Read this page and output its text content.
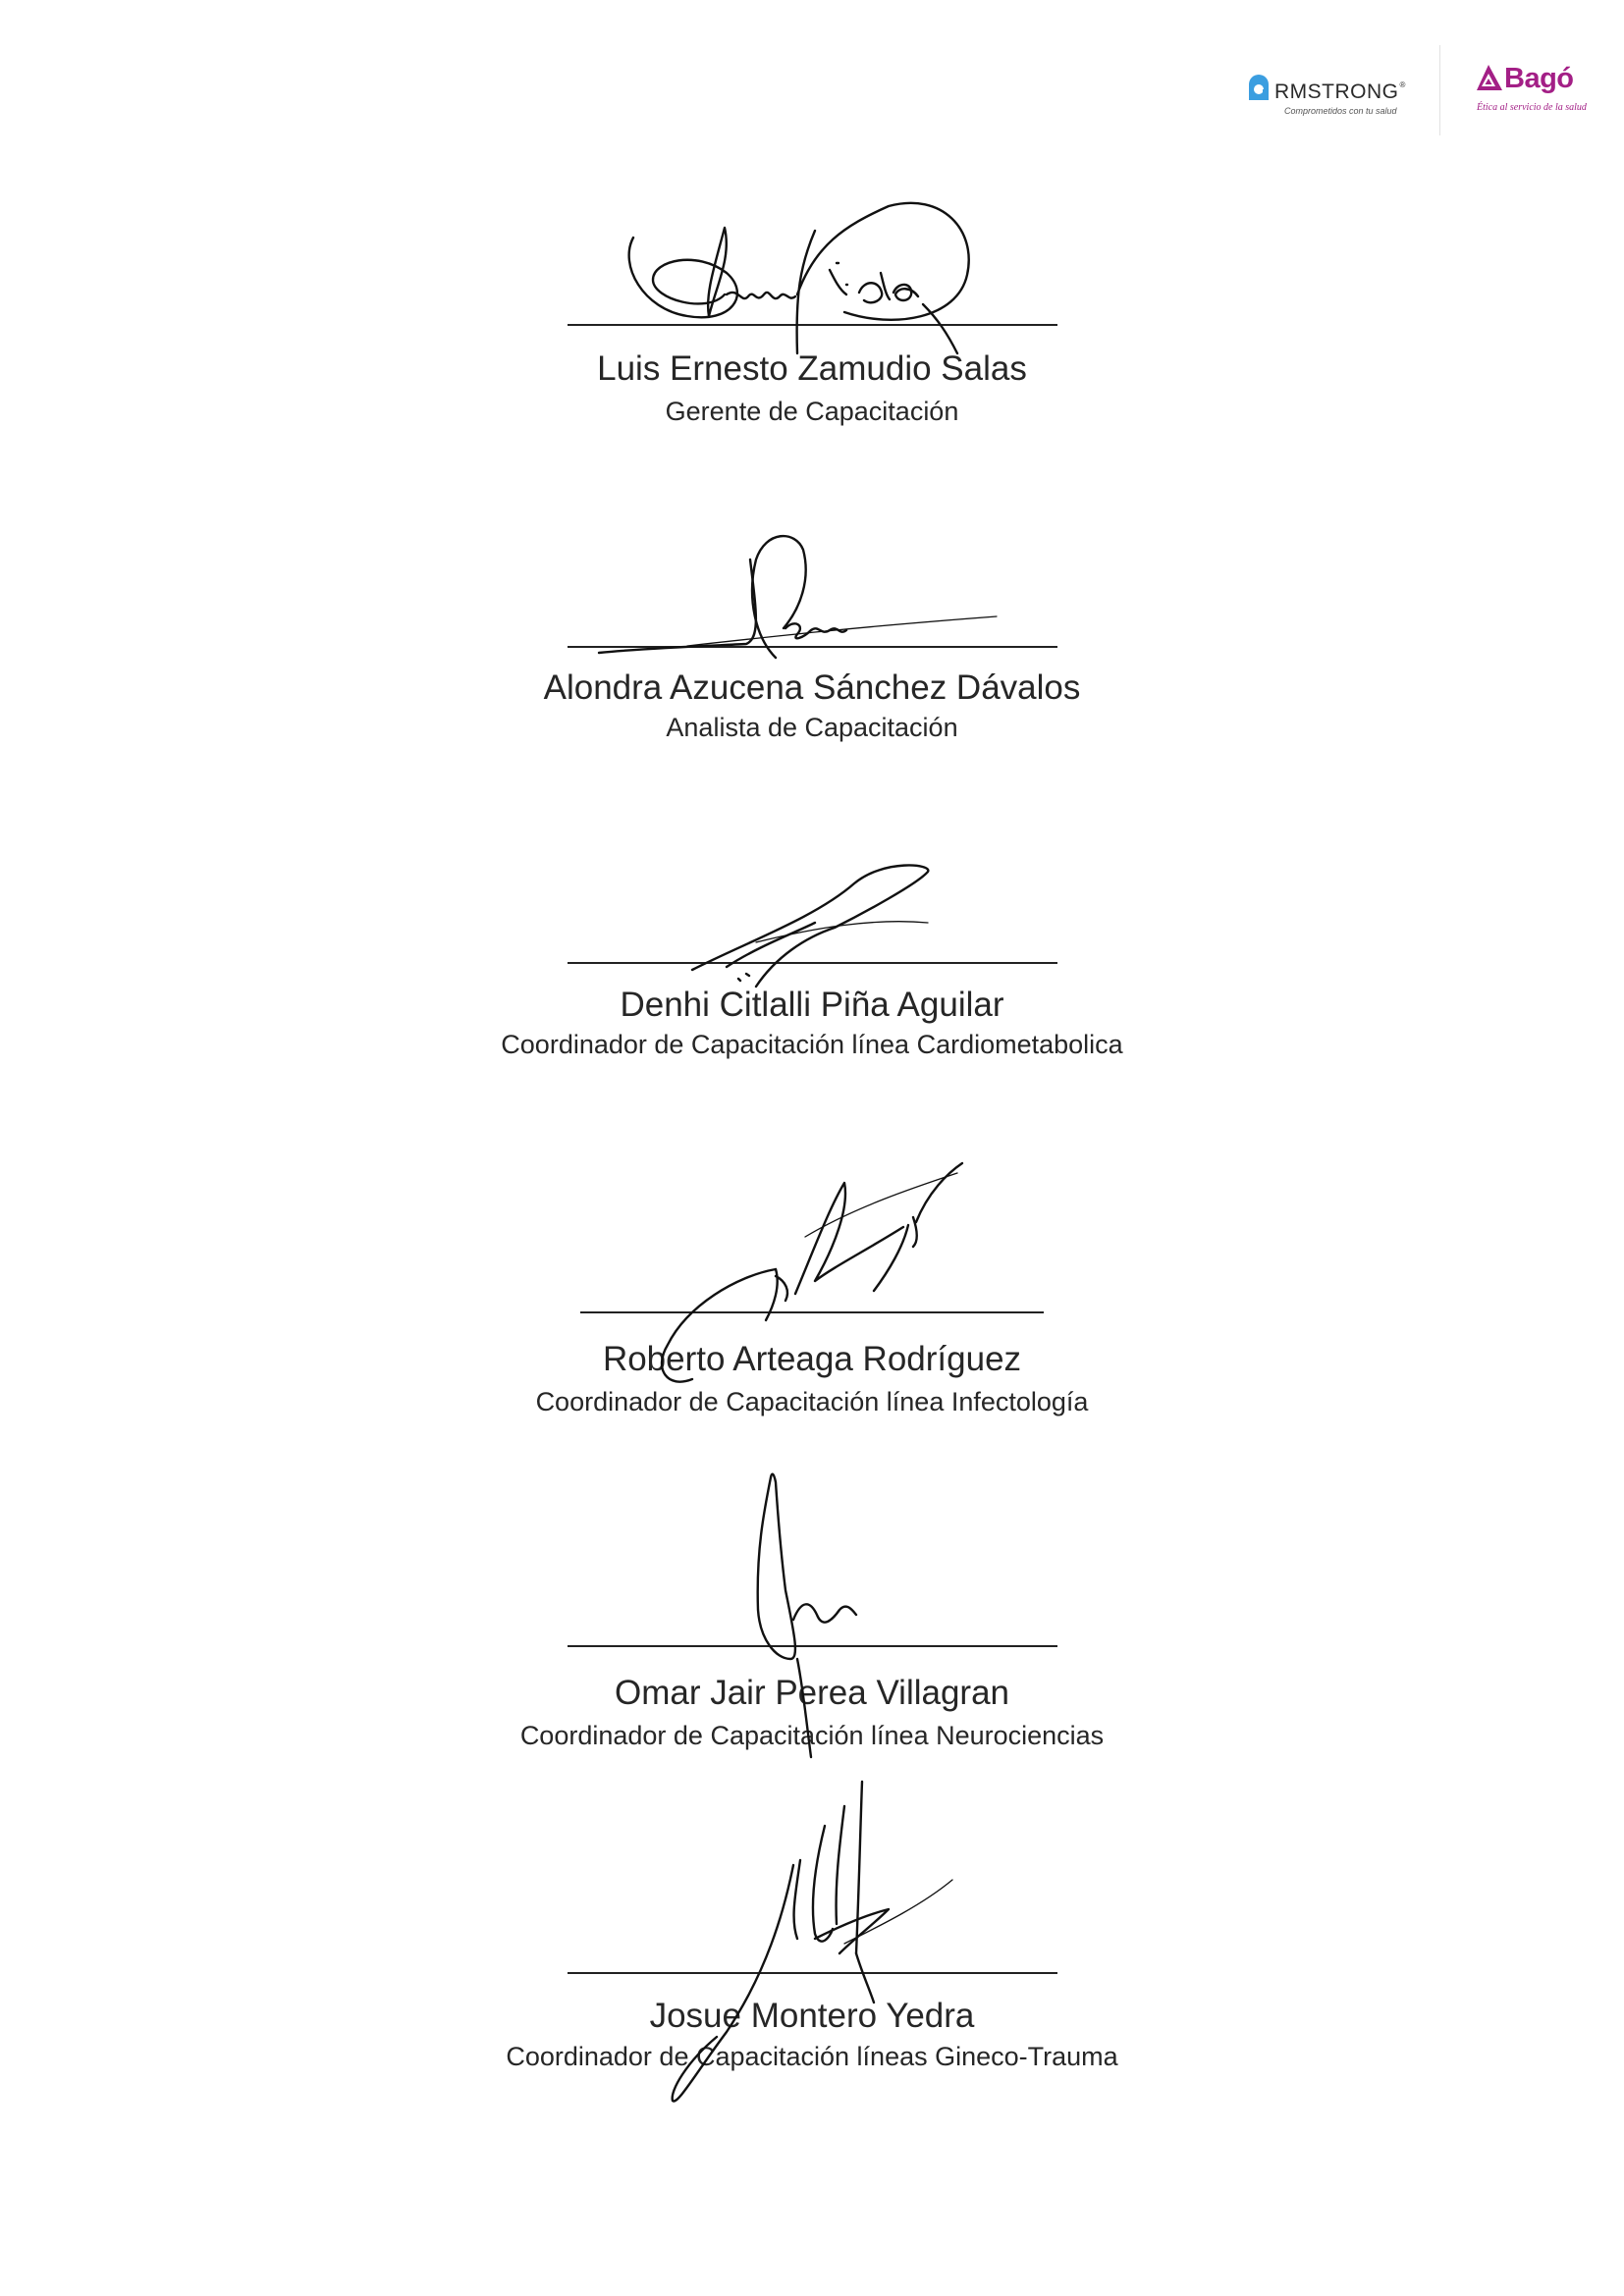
RMSTRONG®
Comprometidos con tu salud
Bagó
Ética al servicio de la salud
Luis Ernesto Zamudio Salas
Gerente de Capacitación
Alondra Azucena Sánchez Dávalos
Analista de Capacitación
Denhi Citlalli Piña Aguilar
Coordinador de Capacitación línea Cardiometabolica
Roberto Arteaga Rodríguez
Coordinador de Capacitación línea Infectología
Omar Jair Perea Villagran
Coordinador de Capacitación línea Neurociencias
Josue Montero Yedra
Coordinador de Capacitación líneas Gineco-Trauma
